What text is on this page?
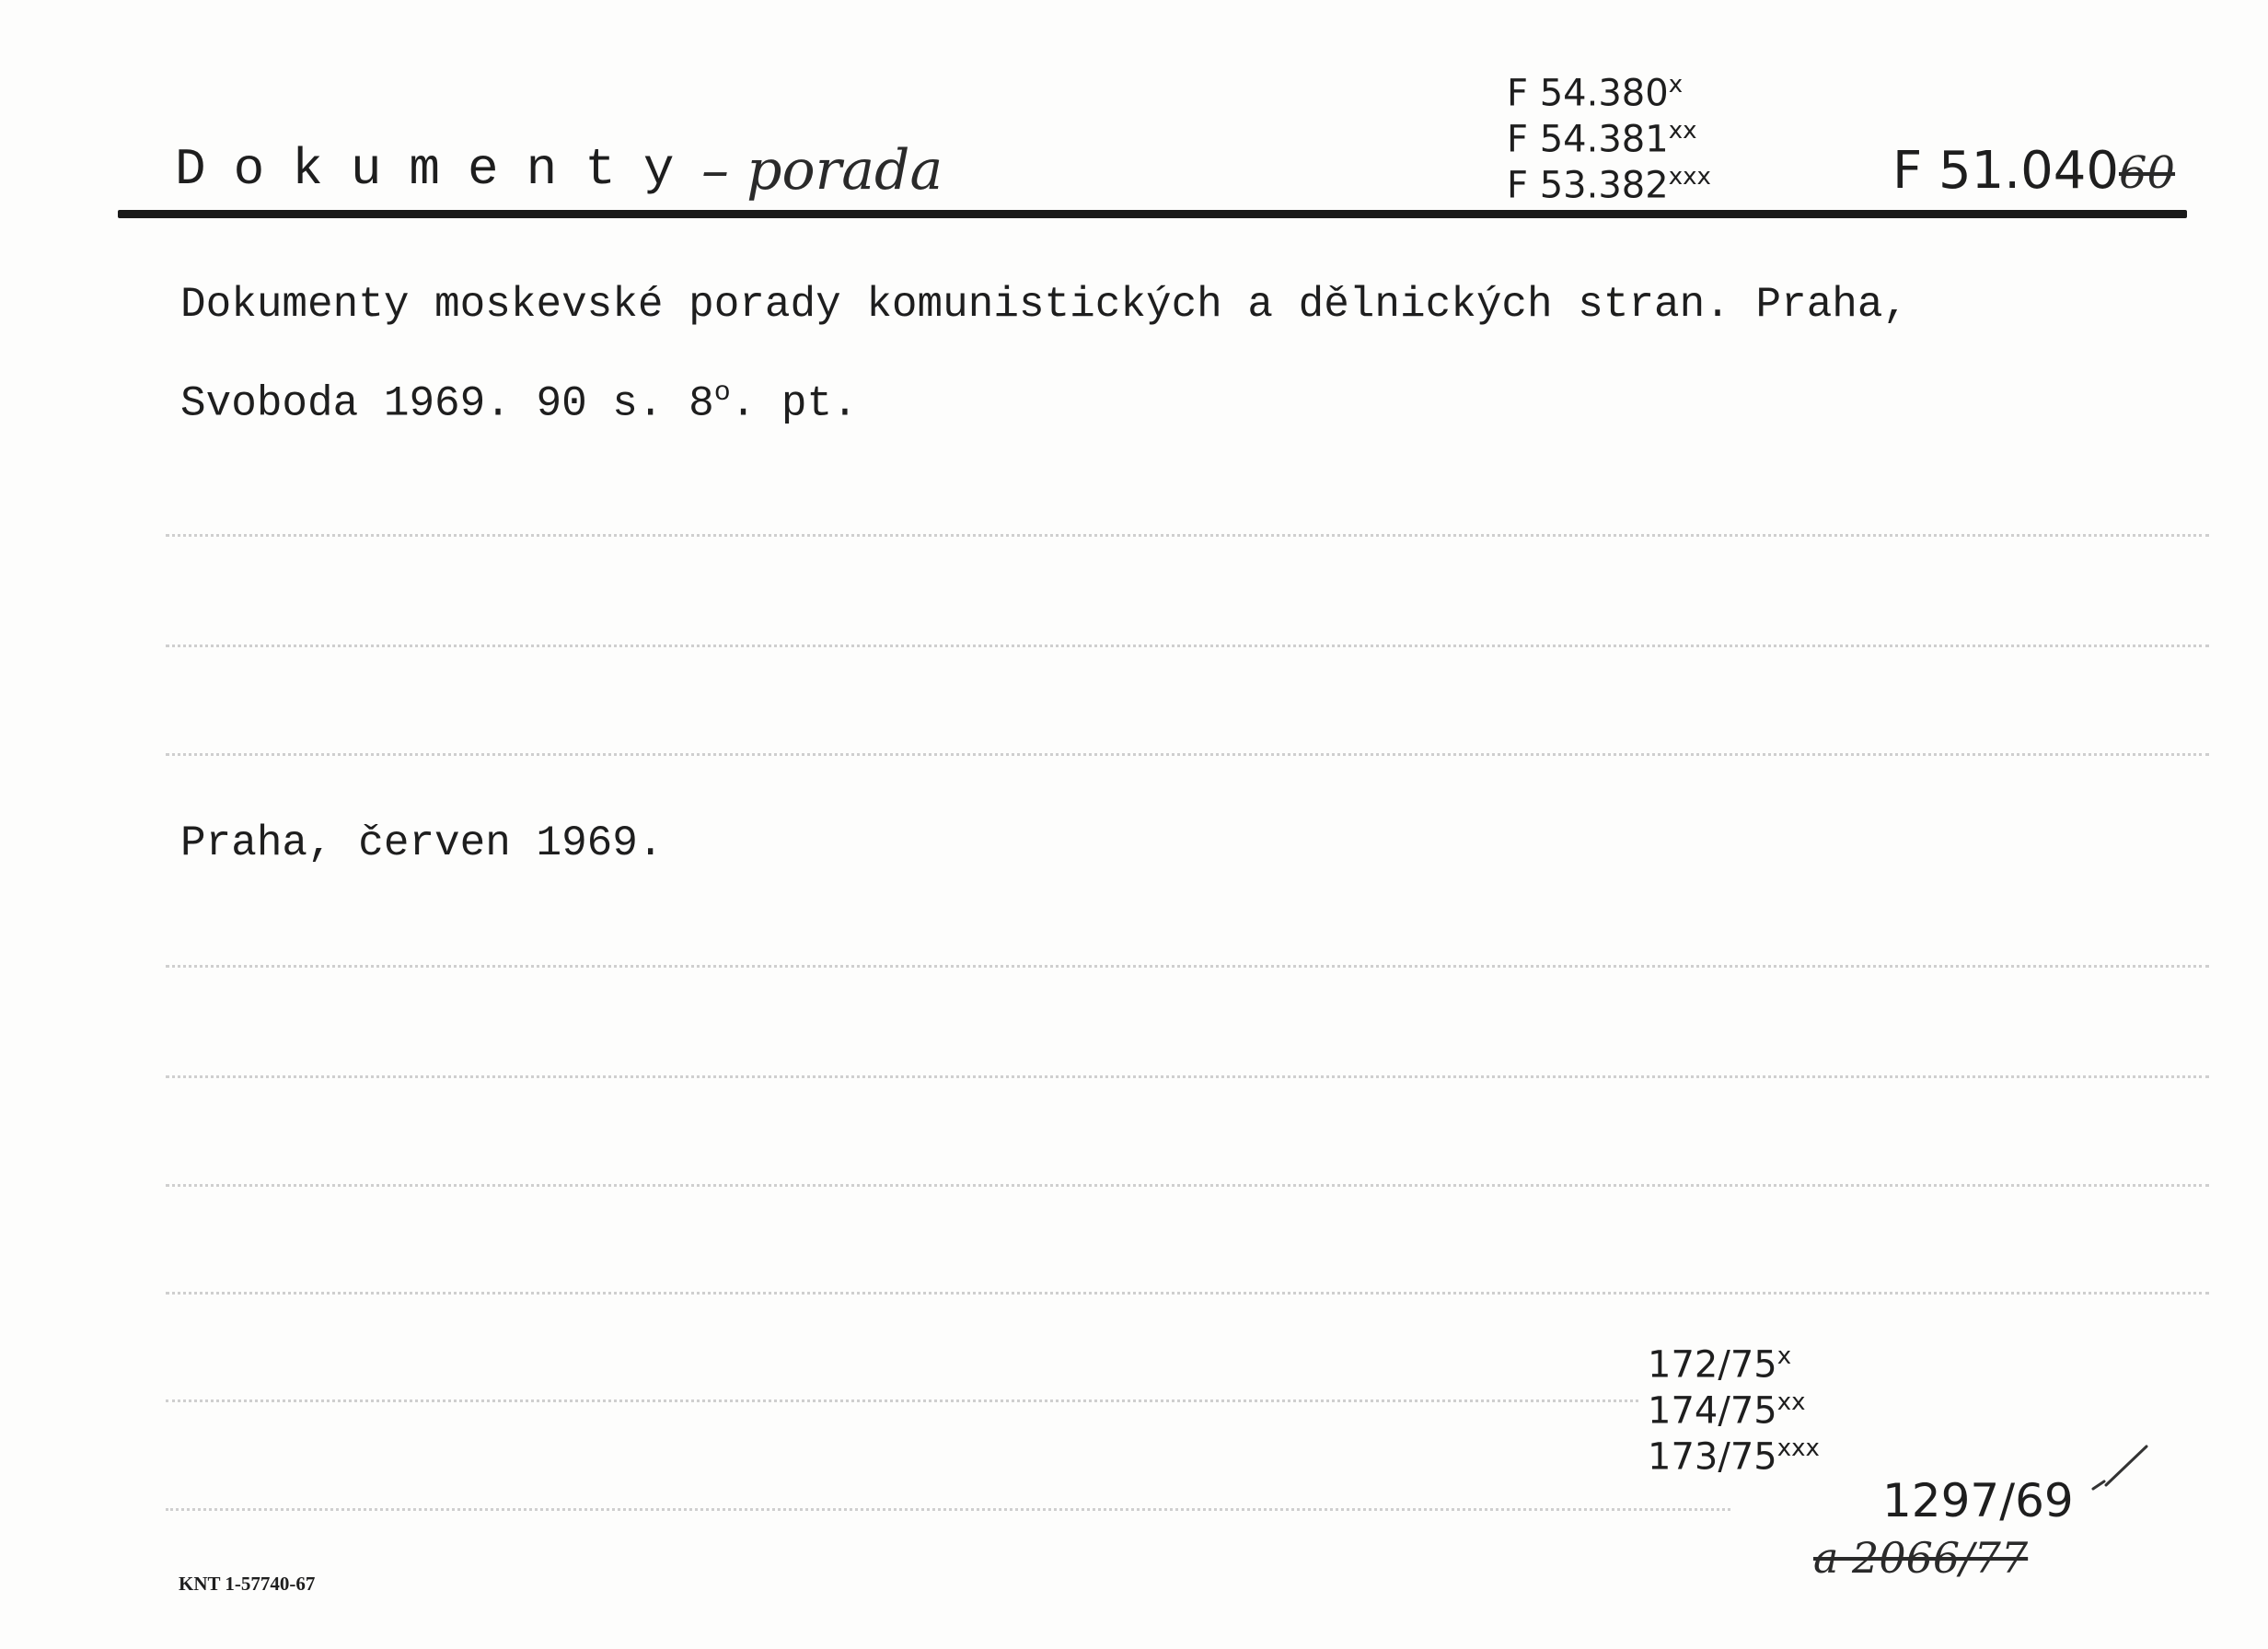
Dokumenty – porada
F 54.380$^x$
F 54.381$^{xx}$
F 53.382$^{xxx}$	F 51.04060
Dokumenty moskevské porady komunistických a dělnických stran. Praha,
Svoboda 1969. 90 s. 8$^o$. pt.
Praha, červen 1969.
172/75$^x$
174/75$^{xx}$
173/75$^{xxx}$
1297/69
a 2066/77
KNT 1-57740-67
